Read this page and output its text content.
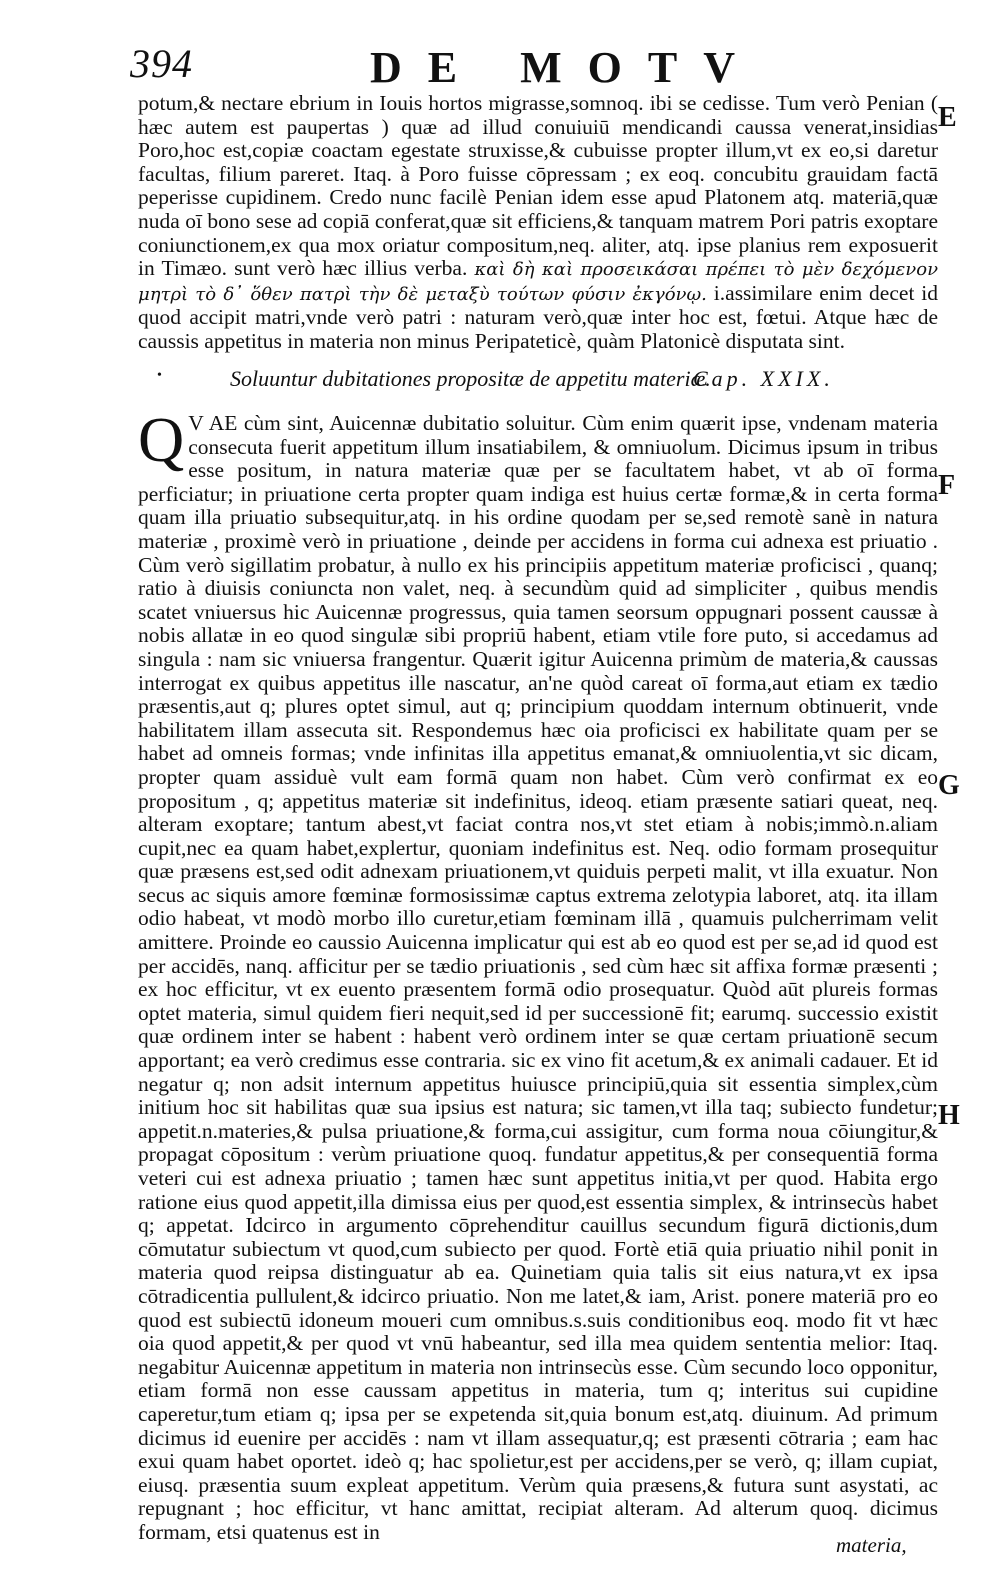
394	DE MOTV

potum,& nectare ebrium in Iouis hortos migrasse,somnoq. ibi se cedisse. Tum verò Penian ( hæc autem est paupertas ) quæ ad illud conuiuiū mendicandi caussa venerat,insidias Poro,hoc est,copiæ coactam egestate struxisse,& cubuisse propter illum,vt ex eo,si daretur facultas, filium pareret. Itaq. à Poro fuisse cōpressam ; ex eoq. concubitu grauidam factā peperisse cupidinem. Credo nunc facilè Penian idem esse apud Platonem atq. materiā,quæ nuda oī bono sese ad copiā conferat,quæ sit efficiens,& tanquam matrem Pori patris exoptare coniunctionem,ex qua mox oriatur compositum,neq. aliter, atq. ipse planius rem exposuerit in Timæo. sunt verò hæc illius verba. καὶ δὴ καὶ προσεικάσαι πρέπει τὸ μὲν δεχόμενον μητρὶ τὸ δ᾽ ὅθεν πατρὶ τὴν δὲ μεταξὺ τούτων φύσιν ἐκγόνῳ. i.assimilare enim decet id quod accipit matri,vnde verò patri : naturam verò,quæ inter hoc est, fœtui. Atque hæc de caussis appetitus in materia non minus Peripateticè, quàm Platonicè disputata sint.

•	Soluuntur dubitationes propositæ de appetitu materiæ.
Cap. XXIX.

Q V AE cùm sint, Auicennæ dubitatio soluitur. Cùm enim quærit ipse, vndenam materia consecuta fuerit appetitum illum insatiabilem, & omniuolum. Dicimus ipsum in tribus esse positum, in natura materiæ quæ per se facultatem habet, vt ab oī forma perficiatur; in priuatione certa propter quam indiga est huius certæ formæ,& in certa forma quam illa priuatio subsequitur,atq. in his ordine quodam per se,sed remotè sanè in natura materiæ , proximè verò in priuatione , deinde per accidens in forma cui adnexa est priuatio . Cùm verò sigillatim probatur, à nullo ex his principiis appetitum materiæ proficisci , quanq; ratio à diuisis coniuncta non valet, neq. à secundùm quid ad simpliciter , quibus mendis scatet vniuersus hic Auicennæ progressus, quia tamen seorsum oppugnari possent caussæ à nobis allatæ in eo quod singulæ sibi propriū habent, etiam vtile fore puto, si accedamus ad singula : nam sic vniuersa frangentur. Quærit igitur Auicenna primùm de materia,& caussas interrogat ex quibus appetitus ille nascatur, an'ne quòd careat oī forma,aut etiam ex tædio præsentis,aut q; plures optet simul, aut q; principium quoddam internum obtinuerit, vnde habilitatem illam assecuta sit. Respondemus hæc oia proficisci ex habilitate quam per se habet ad omneis formas; vnde infinitas illa appetitus emanat,& omniuolentia,vt sic dicam, propter quam assiduè vult eam formā quam non habet. Cùm verò confirmat ex eo propositum , q; appetitus materiæ sit indefinitus, ideoq. etiam præsente satiari queat, neq. alteram exoptare; tantum abest,vt faciat contra nos,vt stet etiam à nobis;immò.n.aliam cupit,nec ea quam habet,explertur, quoniam indefinitus est. Neq. odio formam prosequitur quæ præsens est,sed odit adnexam priuationem,vt quiduis perpeti malit, vt illa exuatur. Non secus ac siquis amore fœminæ formosissimæ captus extrema zelotypia laboret, atq. ita illam odio habeat, vt modò morbo illo curetur,etiam fœminam illā , quamuis pulcherrimam velit amittere. Proinde eo caussio Auicenna implicatur qui est ab eo quod est per se,ad id quod est per accidēs, nanq. afficitur per se tædio priuationis , sed cùm hæc sit affixa formæ præsenti ; ex hoc efficitur, vt ex euento præsentem formā odio prosequatur. Quòd aūt plureis formas optet materia, simul quidem fieri nequit,sed id per successionē fit; earumq. successio existit quæ ordinem inter se habent : habent verò ordinem inter se quæ certam priuationē secum apportant; ea verò credimus esse contraria. sic ex vino fit acetum,& ex animali cadauer. Et id negatur q; non adsit internum appetitus huiusce principiū,quia sit essentia simplex,cùm initium hoc sit habilitas quæ sua ipsius est natura; sic tamen,vt illa taq; subiecto fundetur; appetit.n.materies,& pulsa priuatione,& forma,cui assigitur, cum forma noua cōiungitur,& propagat cōpositum : verùm priuatione quoq. fundatur appetitus,& per consequentiā forma veteri cui est adnexa priuatio ; tamen hæc sunt appetitus initia,vt per quod. Habita ergo ratione eius quod appetit,illa dimissa eius per quod,est essentia simplex, & intrinsecùs habet q; appetat. Idcirco in argumento cōprehenditur cauillus secundum figurā dictionis,dum cōmutatur subiectum vt quod,cum subiecto per quod. Fortè etiā quia priuatio nihil ponit in materia quod reipsa distinguatur ab ea. Quinetiam quia talis sit eius natura,vt ex ipsa cōtradicentia pullulent,& idcirco priuatio. Non me latet,& iam, Arist. ponere materiā pro eo quod est subiectū idoneum moueri cum omnibus.s.suis conditionibus eoq. modo fit vt hæc oia quod appetit,& per quod vt vnū habeantur, sed illa mea quidem sententia melior: Itaq. negabitur Auicennæ appetitum in materia non intrinsecùs esse. Cùm secundo loco opponitur, etiam formā non esse caussam appetitus in materia, tum q; interitus sui cupidine caperetur,tum etiam q; ipsa per se expetenda sit,quia bonum est,atq. diuinum. Ad primum dicimus id euenire per accidēs : nam vt illam assequatur,q; est præsenti cōtraria ; eam hac exui quam habet oportet. ideò q; hac spolietur,est per accidens,per se verò, q; illam cupiat, eiusq. præsentia suum expleat appetitum. Verùm quia præsens,& futura sunt asystati, ac repugnant ; hoc efficitur, vt hanc amittat, recipiat alteram. Ad alterum quoq. dicimus formam, etsi quatenus est in

E
F
G
H
materia,
